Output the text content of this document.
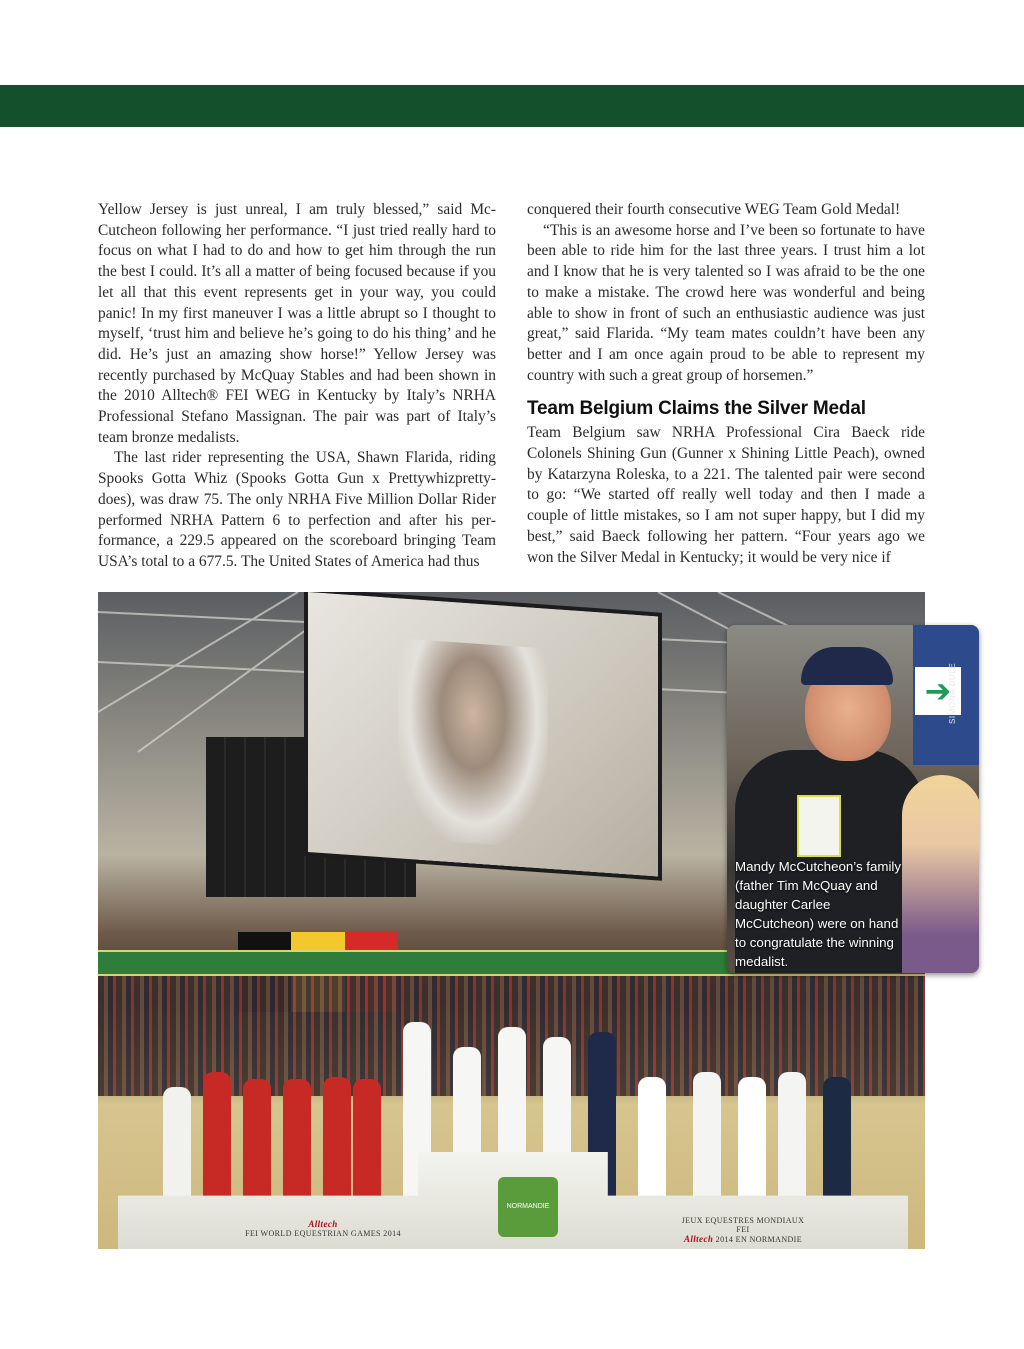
Yellow Jersey is just unreal, I am truly blessed,” said McCutcheon following her performance. “I just tried really hard to focus on what I had to do and how to get him through the run the best I could. It’s all a matter of being focused because if you let all that this event represents get in your way, you could panic! In my first maneuver I was a little abrupt so I thought to myself, ‘trust him and believe he’s going to do his thing’ and he did. He’s just an amazing show horse!” Yellow Jersey was recently purchased by McQuay Stables and had been shown in the 2010 Alltech® FEI WEG in Kentucky by Italy’s NRHA Professional Stefano Massignan. The pair was part of Italy’s team bronze medalists.

The last rider representing the USA, Shawn Flarida, riding Spooks Gotta Whiz (Spooks Gotta Gun x Prettywhizprettydoes), was draw 75. The only NRHA Five Million Dollar Rider performed NRHA Pattern 6 to perfection and after his performance, a 229.5 appeared on the scoreboard bringing Team USA’s total to a 677.5. The United States of America had thus

conquered their fourth consecutive WEG Team Gold Medal!

“This is an awesome horse and I’ve been so fortunate to have been able to ride him for the last three years. I trust him a lot and I know that he is very talented so I was afraid to be the one to make a mistake. The crowd here was wonderful and being able to show in front of such an enthusiastic audience was just great,” said Flarida. “My team mates couldn’t have been any better and I am once again proud to be able to represent my country with such a great group of horsemen.”

Team Belgium Claims the Silver Medal

Team Belgium saw NRHA Professional Cira Baeck ride Colonels Shining Gun (Gunner x Shining Little Peach), owned by Katarzyna Roleska, to a 221. The talented pair were second to go: “We started off really well today and then I made a couple of little mistakes, so I am not super happy, but I did my best,” said Baeck following her pattern. “Four years ago we won the Silver Medal in Kentucky; it would be very nice if

Alltech
FEI WORLD EQUESTRIAN GAMES 2014
NORMANDIE
JEUX EQUESTRES MONDIAUX FEI
Alltech 2014 EN NORMANDIE
➔
SIMONA DULE
Mandy McCutcheon’s family (father Tim McQuay and daughter Carlee McCutcheon) were on hand to congratulate the winning medalist.
